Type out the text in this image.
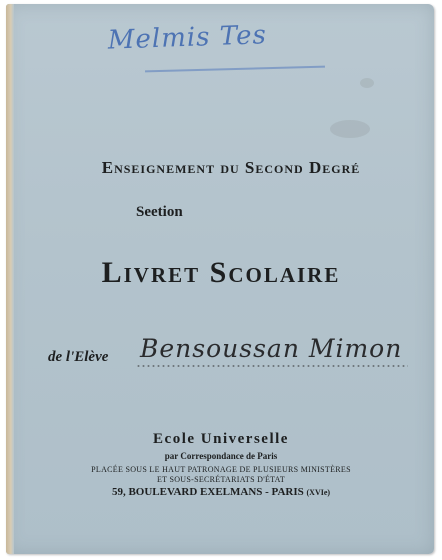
Melmis Tes
Enseignement du Second Degré
Seetion
Livret Scolaire
de l'Elève Bensoussan Mimon
Ecole Universelle
par Correspondance de Paris
PLACÉE SOUS LE HAUT PATRONAGE DE PLUSIEURS MINISTÈRES
ET SOUS-SECRÉTARIATS D'ÉTAT
59, BOULEVARD EXELMANS - PARIS (XVIe)
